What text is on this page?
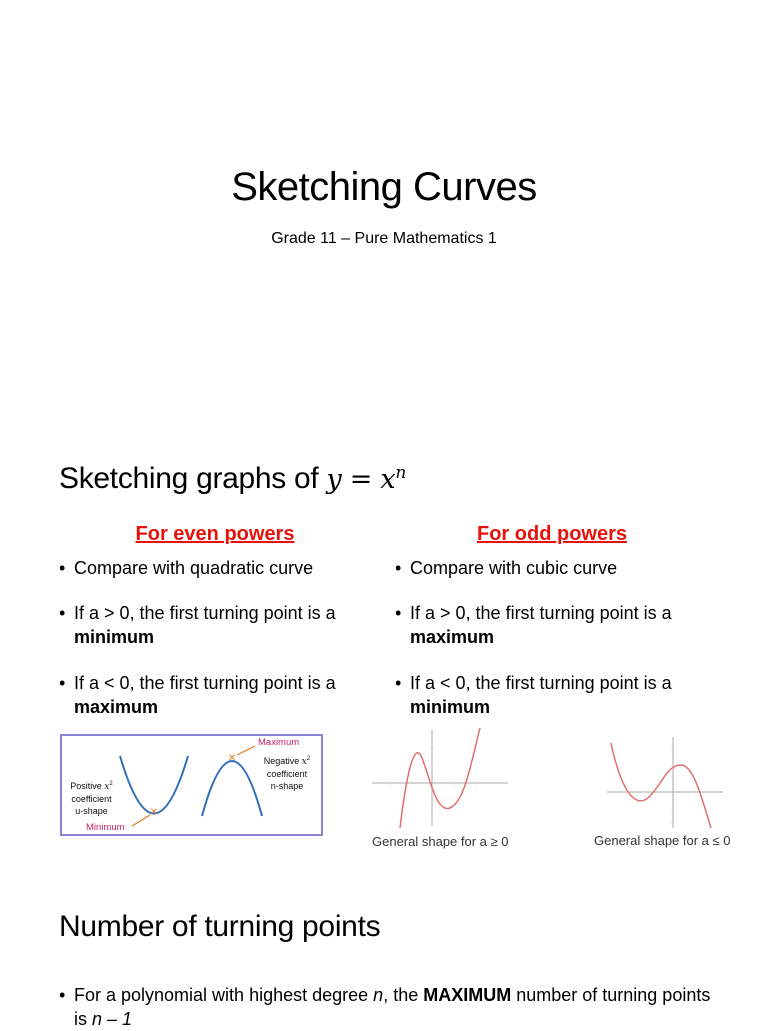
Sketching Curves

Grade 11 – Pure Mathematics 1

Sketching graphs of $y = x^n$
For even powers	For odd powers
• Compare with quadratic curve
• If a > 0, the first turning point is a minimum
• If a < 0, the first turning point is a maximum
• Compare with cubic curve
• If a > 0, the first turning point is a maximum
• If a < 0, the first turning point is a minimum
✕
✕
Maximum
Minimum
Negative $x^2$
coefficient
n-shape
Positive $x^2$
coefficient
u-shape
General shape for a ≥ 0	General shape for a ≤ 0
Number of turning points
• For a polynomial with highest degree n, the MAXIMUM number of turning points is n – 1
